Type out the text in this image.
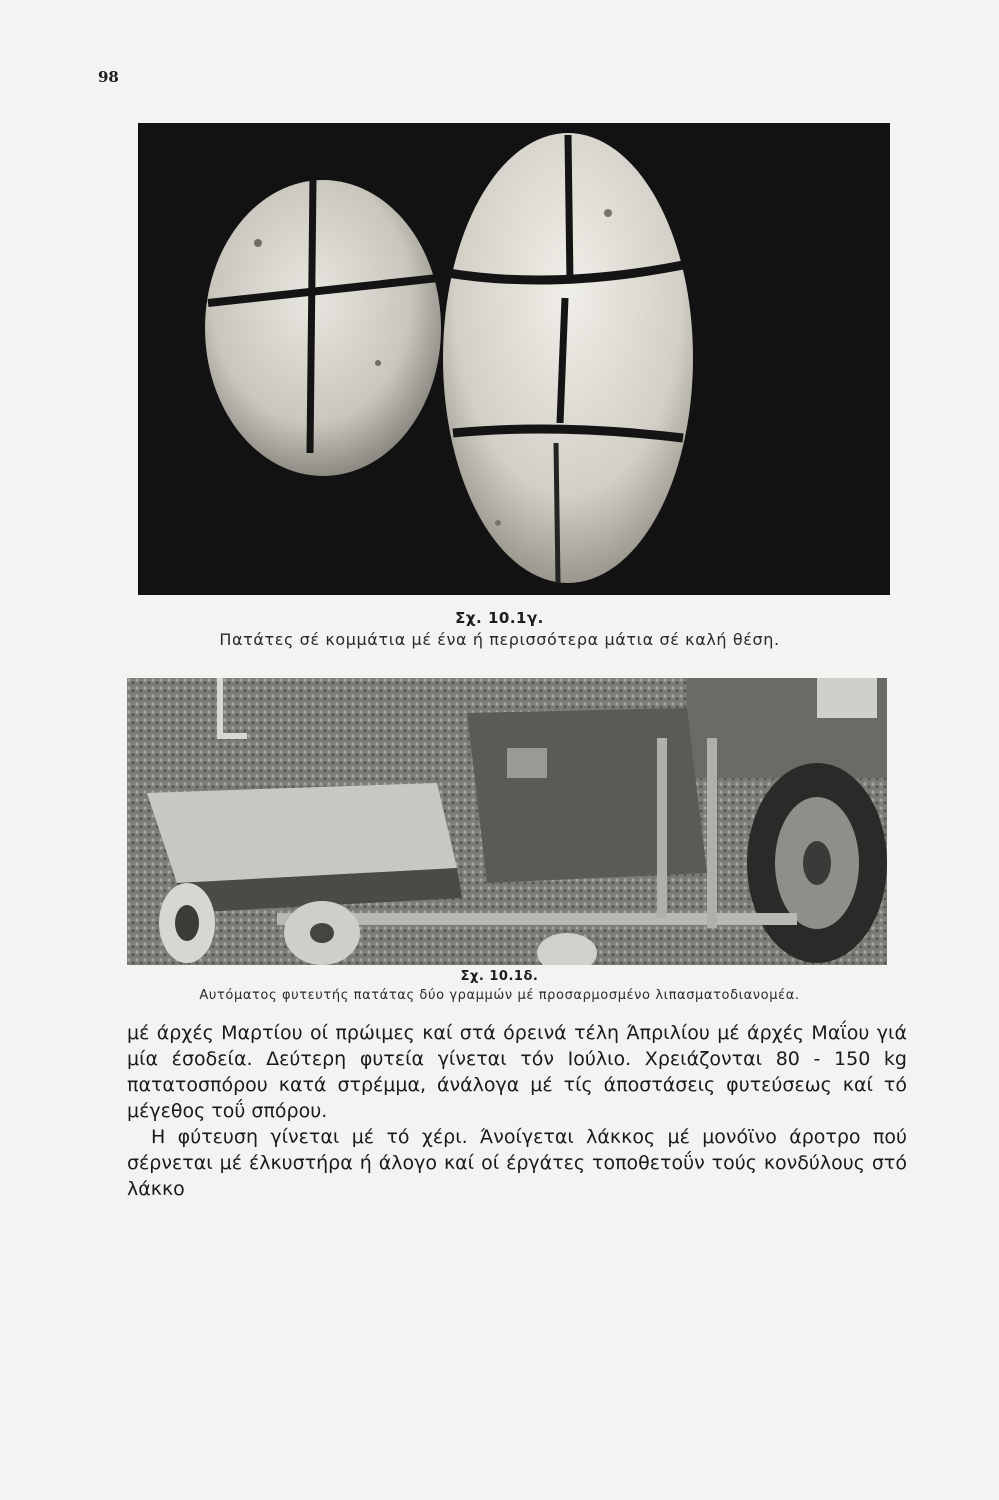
98
Σχ. 10.1γ.
Πατάτες σέ κομμάτια μέ ένα ή περισσότερα μάτια σέ καλή θέση.
Σχ. 10.1δ.
Αυτόματος φυτευτής πατάτας δύο γραμμών μέ προσαρμοσμένο λιπασματοδιανομέα.

μέ άρχές Μαρτίου οί πρώιμες καί στά όρεινά τέλη Άπριλίου μέ άρχές Μαΐου γιά μία έσοδεία. Δεύτερη φυτεία γίνεται τόν Ιούλιο. Χρειάζονται 80 - 150 kg πατατοσπόρου κατά στρέμμα, άνάλογα μέ τίς άποστάσεις φυτεύσεως καί τό μέγεθος τοΰ σπόρου.

Η φύτευση γίνεται μέ τό χέρι. Άνοίγεται λάκκος μέ μονόϊνο άροτρο πού σέρνεται μέ έλκυστήρα ή άλογο καί οί έργάτες τοποθετοΰν τούς κονδύλους στό λάκκο
